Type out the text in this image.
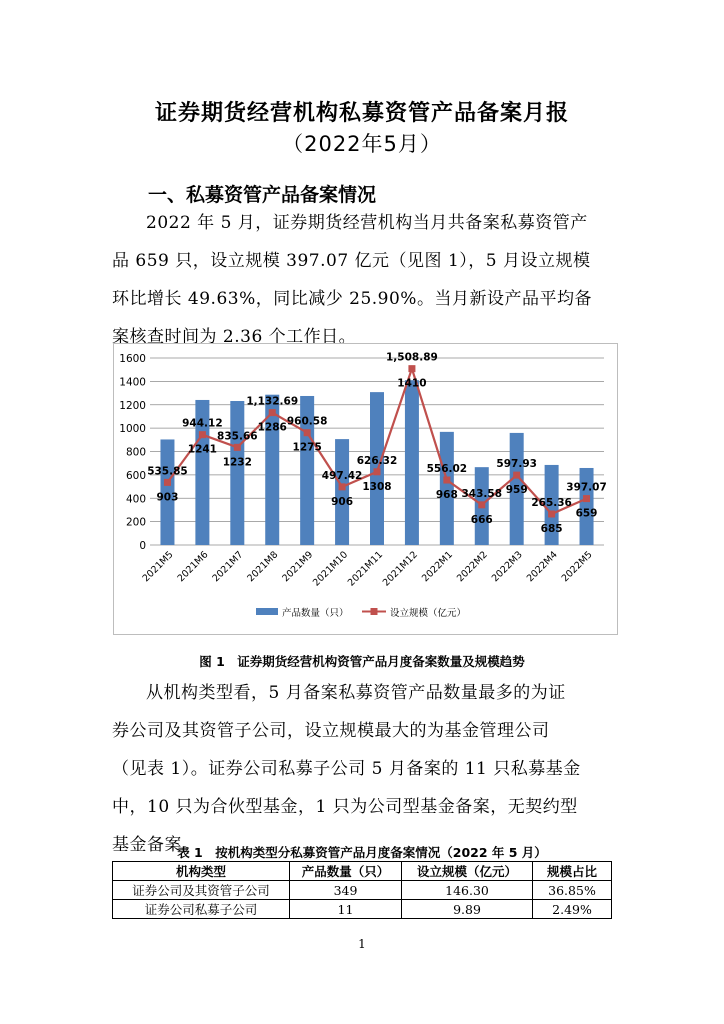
证券期货经营机构私募资管产品备案月报
（2022年5月）
一、私募资管产品备案情况
2022 年 5 月，证券期货经营机构当月共备案私募资管产
品 659 只，设立规模 397.07 亿元（见图 1），5 月设立规模
环比增长 49.63%，同比减少 25.90%。当月新设产品平均备
案核查时间为 2.36 个工作日。
0
200
400
600
800
1000
1200
1400
1600
535.85
944.12
835.66
1,132.69
960.58
497.42
626.32
1,508.89
556.02
343.58
597.93
265.36
397.07
903
1241
1232
1286
1275
906
1308
1410
968
666
959
685
659
2021M5 2021M6 2021M7 2021M8 2021M9
2021M10
2021M11
2021M12 2022M1 2022M2 2022M3 2022M4 2022M5
产品数量（只）	设立规模（亿元）
图 1　证券期货经营机构资管产品月度备案数量及规模趋势
从机构类型看，5 月备案私募资管产品数量最多的为证
券公司及其资管子公司，设立规模最大的为基金管理公司
（见表 1）。证券公司私募子公司 5 月备案的 11 只私募基金
中，10 只为合伙型基金，1 只为公司型基金备案，无契约型
基金备案。
表 1　按机构类型分私募资管产品月度备案情况（2022 年 5 月）
机构类型	产品数量（只）	设立规模（亿元）	规模占比
证券公司及其资管子公司	349	146.30	36.85%
证券公司私募子公司	11	9.89	2.49%
1
